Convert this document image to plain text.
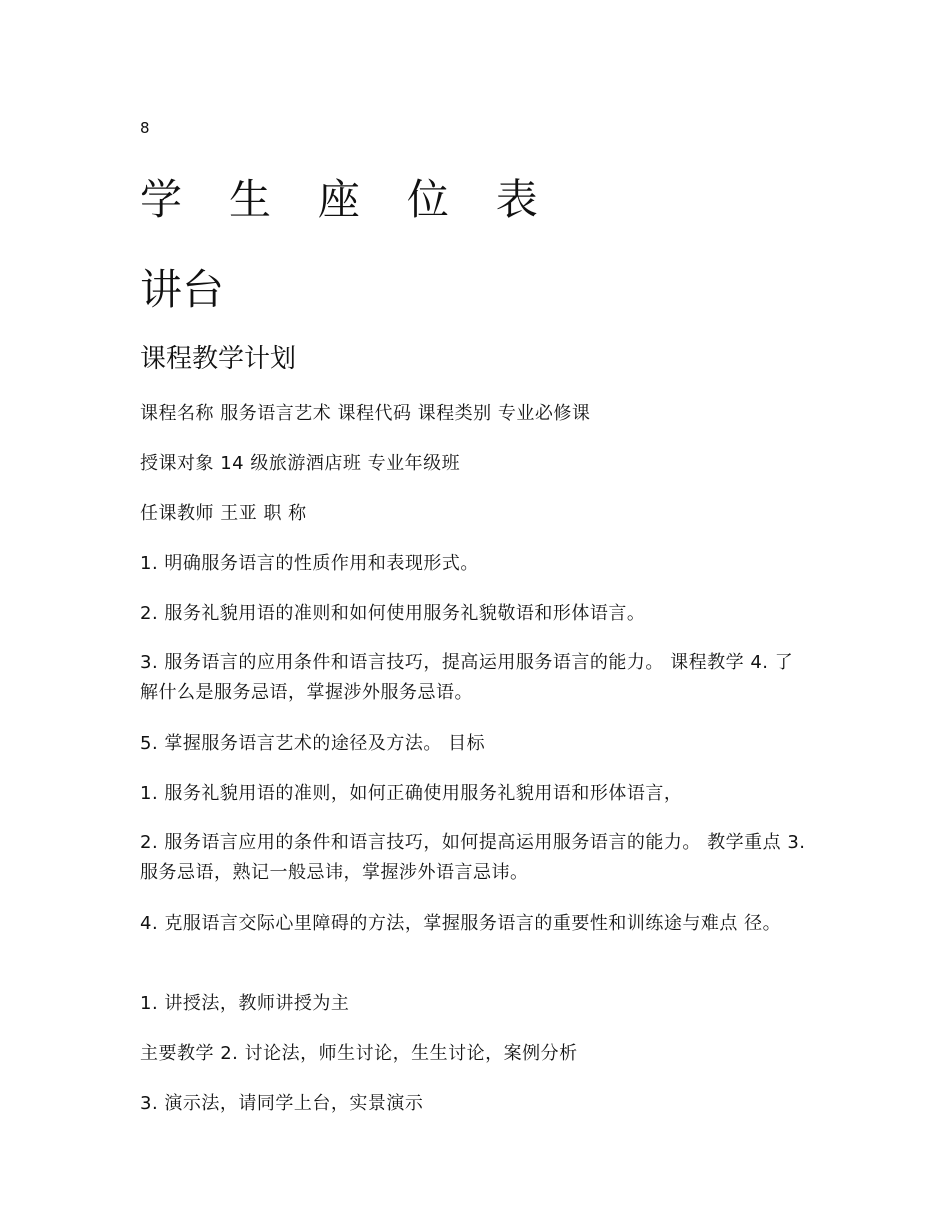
8
学 生 座 位 表
讲台
课程教学计划

课程名称 服务语言艺术 课程代码 课程类别 专业必修课

授课对象 14 级旅游酒店班 专业年级班

任课教师 王亚 职 称

1. 明确服务语言的性质作用和表现形式。

2. 服务礼貌用语的准则和如何使用服务礼貌敬语和形体语言。

3. 服务语言的应用条件和语言技巧，提高运用服务语言的能力。 课程教学 4. 了解什么是服务忌语，掌握涉外服务忌语。

5. 掌握服务语言艺术的途径及方法。 目标

1. 服务礼貌用语的准则，如何正确使用服务礼貌用语和形体语言，

2. 服务语言应用的条件和语言技巧，如何提高运用服务语言的能力。 教学重点 3. 服务忌语，熟记一般忌讳，掌握涉外语言忌讳。

4. 克服语言交际心里障碍的方法，掌握服务语言的重要性和训练途与难点 径。

1. 讲授法，教师讲授为主

主要教学 2. 讨论法，师生讨论，生生讨论，案例分析

3. 演示法，请同学上台，实景演示
